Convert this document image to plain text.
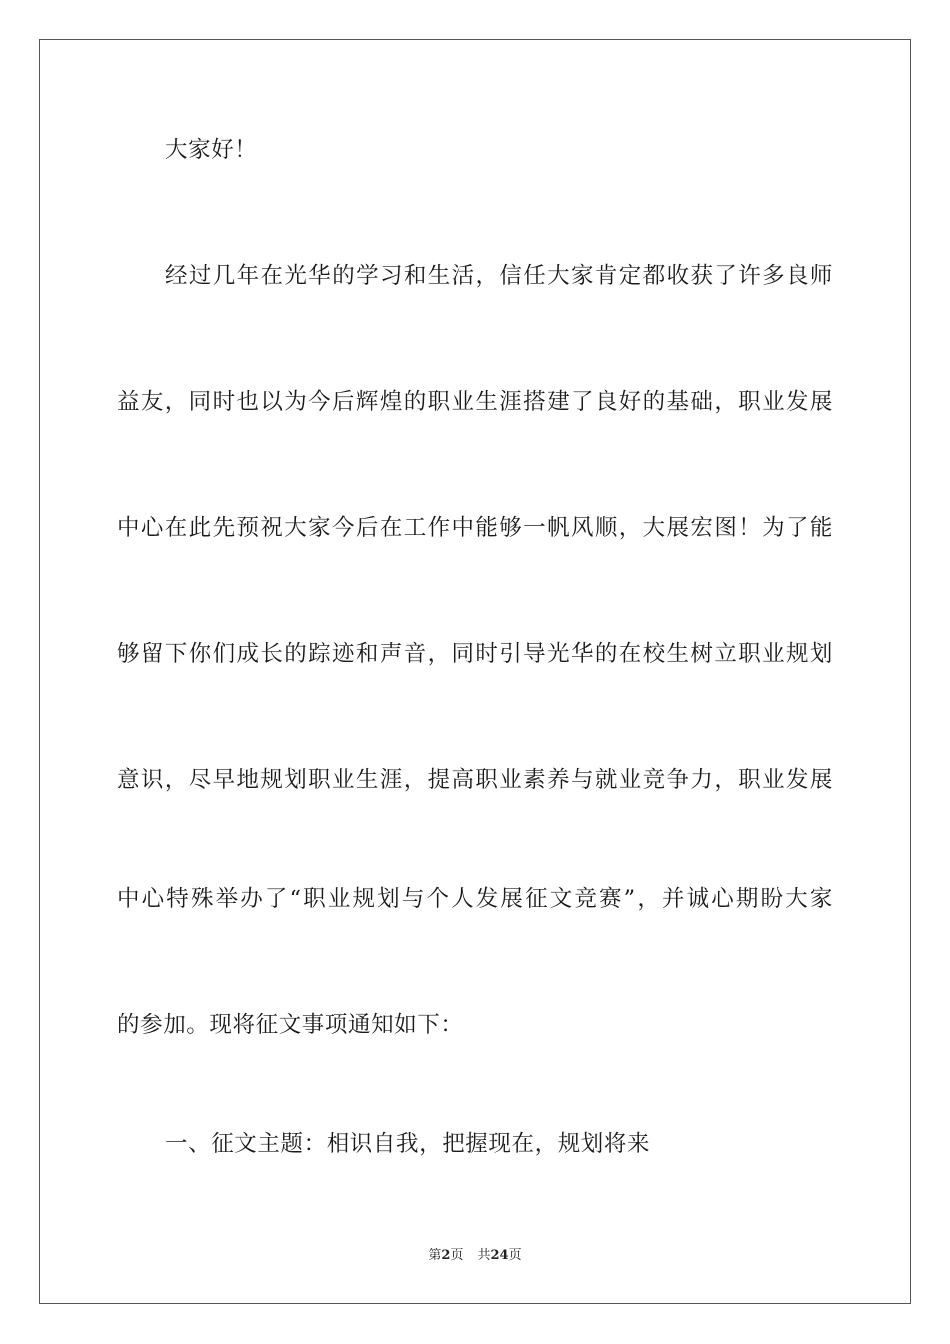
大家好！
经过几年在光华的学习和生活，信任大家肯定都收获了许多良师
益友，同时也以为今后辉煌的职业生涯搭建了良好的基础，职业发展
中心在此先预祝大家今后在工作中能够一帆风顺，大展宏图！为了能
够留下你们成长的踪迹和声音，同时引导光华的在校生树立职业规划
意识，尽早地规划职业生涯，提高职业素养与就业竞争力，职业发展
中心特殊举办了“职业规划与个人发展征文竞赛”，并诚心期盼大家
的参加。现将征文事项通知如下：
一、征文主题：相识自我，把握现在，规划将来
第2页 共24页
